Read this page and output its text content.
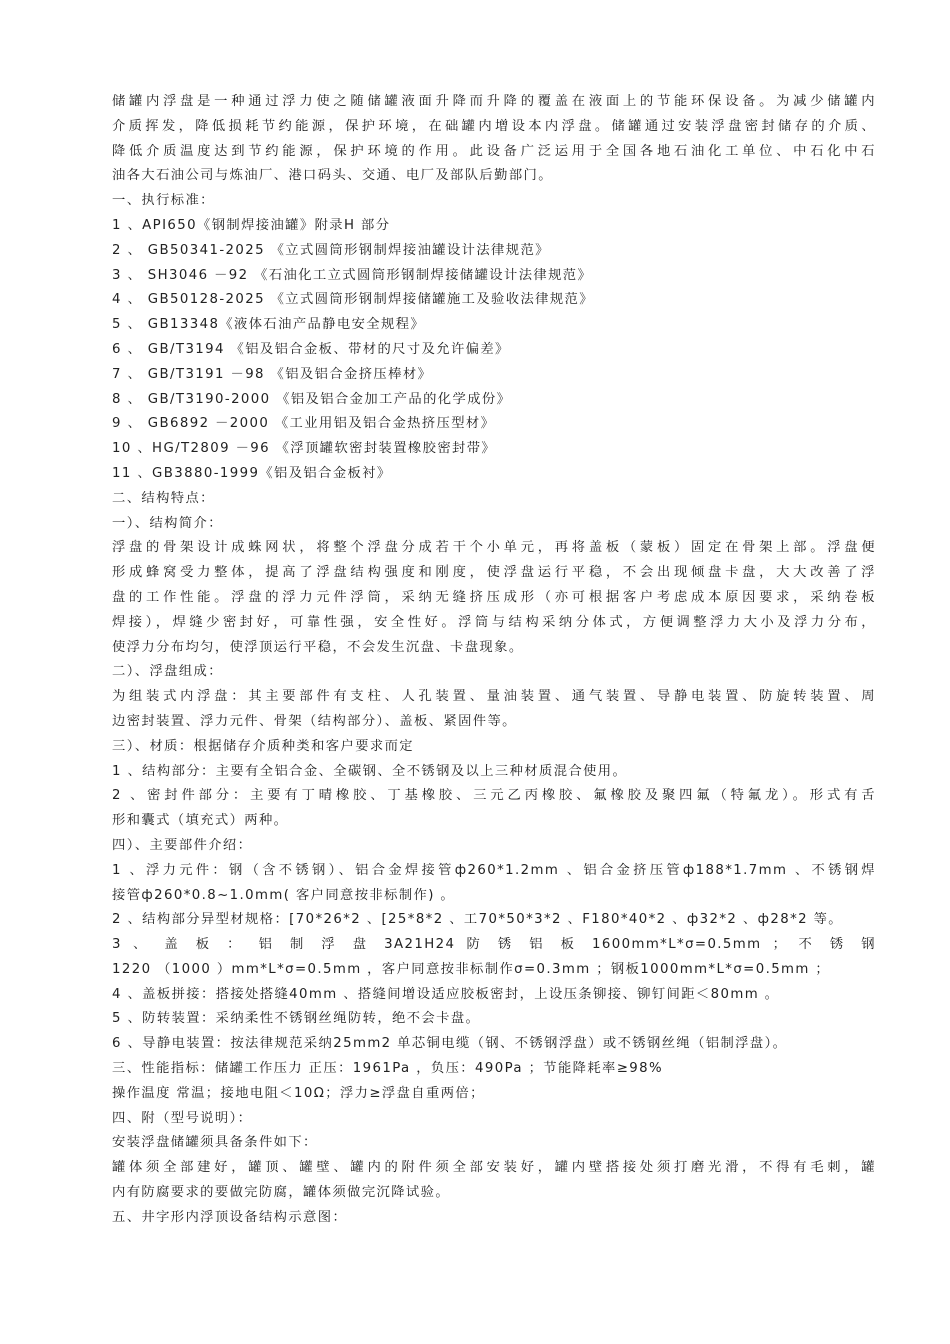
储罐内浮盘是一种通过浮力使之随储罐液面升降而升降的覆盖在液面上的节能环保设备。为减少储罐内
介质挥发，降低损耗节约能源，保护环境，在础罐内增设本内浮盘。储罐通过安装浮盘密封储存的介质、
降低介质温度达到节约能源，保护环境的作用。此设备广泛运用于全国各地石油化工单位、中石化中石
油各大石油公司与炼油厂、港口码头、交通、电厂及部队后勤部门。
一、执行标准：
1 、API650《钢制焊接油罐》附录H 部分
2 、 GB50341-2025 《立式圆筒形钢制焊接油罐设计法律规范》
3 、 SH3046 －92 《石油化工立式圆筒形钢制焊接储罐设计法律规范》
4 、 GB50128-2025 《立式圆筒形钢制焊接储罐施工及验收法律规范》
5 、 GB13348《液体石油产品静电安全规程》
6 、 GB/T3194 《铝及铝合金板、带材的尺寸及允许偏差》
7 、 GB/T3191 －98 《铝及铝合金挤压棒材》
8 、 GB/T3190-2000 《铝及铝合金加工产品的化学成份》
9 、 GB6892 －2000 《工业用铝及铝合金热挤压型材》
10 、HG/T2809 －96 《浮顶罐软密封装置橡胶密封带》
11 、GB3880-1999《铝及铝合金板衬》
二、结构特点：
一）、结构简介：
浮盘的骨架设计成蛛网状，将整个浮盘分成若干个小单元，再将盖板（蒙板）固定在骨架上部。浮盘便
形成蜂窝受力整体，提高了浮盘结构强度和刚度，使浮盘运行平稳，不会出现倾盘卡盘，大大改善了浮
盘的工作性能。浮盘的浮力元件浮筒，采纳无缝挤压成形（亦可根据客户考虑成本原因要求，采纳卷板
焊接），焊缝少密封好，可靠性强，安全性好。浮筒与结构采纳分体式，方便调整浮力大小及浮力分布，
使浮力分布均匀，使浮顶运行平稳，不会发生沉盘、卡盘现象。
二）、浮盘组成：
为组装式内浮盘：其主要部件有支柱、人孔装置、量油装置、通气装置、导静电装置、防旋转装置、周
边密封装置、浮力元件、骨架（结构部分）、盖板、紧固件等。
三）、材质：根据储存介质种类和客户要求而定
1 、结构部分：主要有全铝合金、全碳钢、全不锈钢及以上三种材质混合使用。
2 、密封件部分：主要有丁晴橡胶、丁基橡胶、三元乙丙橡胶、氟橡胶及聚四氟（特氟龙）。形式有舌
形和囊式（填充式）两种。
四）、主要部件介绍：
1 、浮力元件：钢（含不锈钢）、铝合金焊接管ф260*1.2mm 、铝合金挤压管ф188*1.7mm 、不锈钢焊
接管ф260*0.8~1.0mm( 客户同意按非标制作) 。
2 、结构部分异型材规格：[70*26*2 、[25*8*2 、工70*50*3*2 、F180*40*2 、ф32*2 、ф28*2 等。
3 、 盖 板 ： 铝 制 浮 盘 3A21H24 防 锈 铝 板 1600mm*L*σ=0.5mm ； 不 锈 钢
1220 （1000 ）mm*L*σ=0.5mm ，客户同意按非标制作σ=0.3mm ；钢板1000mm*L*σ=0.5mm ；
4 、盖板拼接：搭接处搭缝40mm 、搭缝间增设适应胶板密封，上设压条铆接、铆钉间距＜80mm 。
5 、防转装置：采纳柔性不锈钢丝绳防转，绝不会卡盘。
6 、导静电装置：按法律规范采纳25mm2 单芯铜电缆（钢、不锈钢浮盘）或不锈钢丝绳（铝制浮盘）。
三、性能指标：储罐工作压力 正压：1961Pa ，负压：490Pa ；节能降耗率≥98%
操作温度 常温；接地电阻＜10Ω；浮力≥浮盘自重两倍；
四、附（型号说明）：
安装浮盘储罐须具备条件如下：
罐体须全部建好，罐顶、罐壁、罐内的附件须全部安装好，罐内壁搭接处须打磨光滑，不得有毛刺，罐
内有防腐要求的要做完防腐，罐体须做完沉降试验。
五、井字形内浮顶设备结构示意图：
